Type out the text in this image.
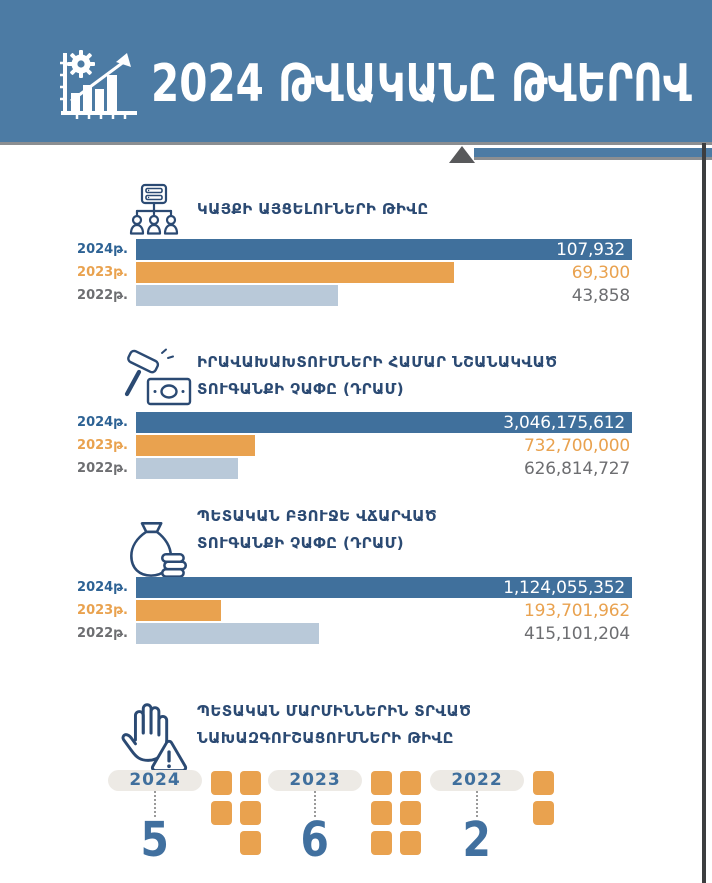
2024 ԹՎԱԿԱՆԸ ԹՎԵՐՈՎ
ԿԱՅՔԻ ԱՅՑԵԼՈՒՆԵՐԻ ԹԻՎԸ
2024թ.	107,932
2023թ.	69,300
2022թ.	43,858
ԻՐԱՎԱԽԱԽՏՈՒՄՆԵՐԻ ՀԱՄԱՐ ՆՇԱՆԱԿՎԱԾ
ՏՈՒԳԱՆՔԻ ՉԱՓԸ (ԴՐԱՄ)
2024թ.	3,046,175,612
2023թ.	732,700,000
2022թ.	626,814,727
ՊԵՏԱԿԱՆ ԲՅՈՒՋԵ ՎՃԱՐՎԱԾ
ՏՈՒԳԱՆՔԻ ՉԱՓԸ (ԴՐԱՄ)
2024թ.	1,124,055,352
2023թ.	193,701,962
2022թ.	415,101,204
ՊԵՏԱԿԱՆ ՄԱՐՄԻՆՆԵՐԻՆ ՏՐՎԱԾ
ՆԱԽԱԶԳՈՒՇԱՑՈՒՄՆԵՐԻ ԹԻՎԸ
2024
5
2023
6
2022
2
